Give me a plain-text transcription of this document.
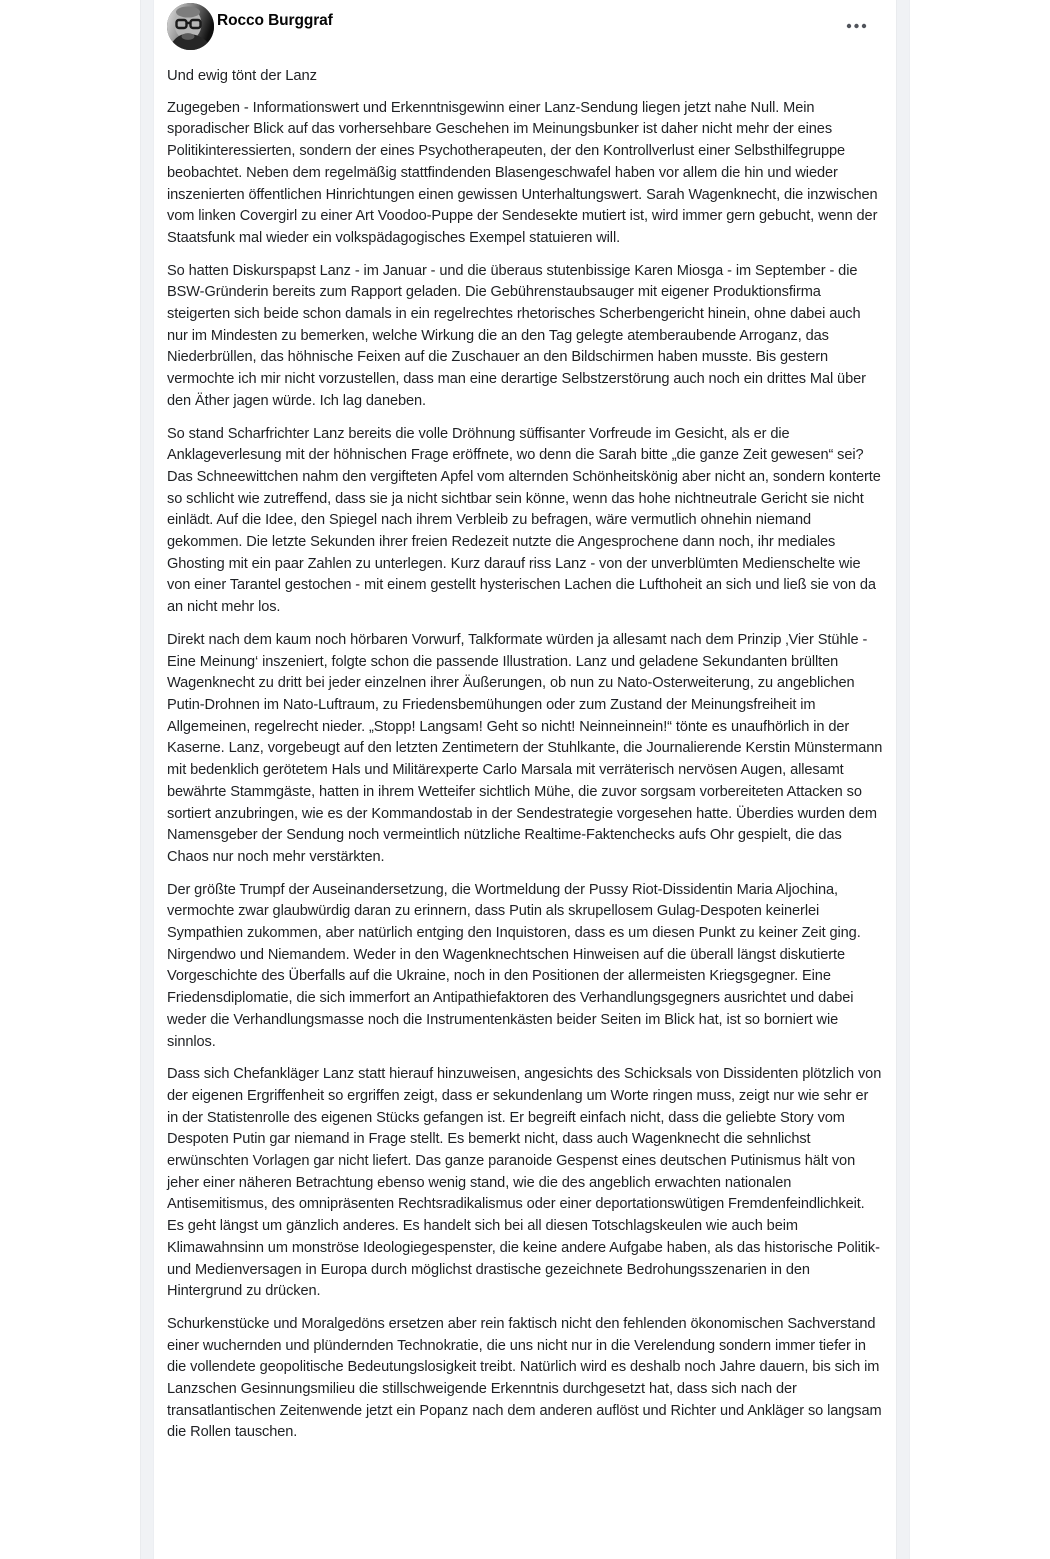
Rocco Burggraf
Und ewig tönt der Lanz

Zugegeben - Informationswert und Erkenntnisgewinn einer Lanz-Sendung liegen jetzt nahe Null. Mein sporadischer Blick auf das vorhersehbare Geschehen im Meinungsbunker ist daher nicht mehr der eines Politikinteressierten, sondern der eines Psychotherapeuten, der den Kontrollverlust einer Selbsthilfegruppe beobachtet. Neben dem regelmäßig stattfindenden Blasengeschwafel haben vor allem die hin und wieder inszenierten öffentlichen Hinrichtungen einen gewissen Unterhaltungswert. Sarah Wagenknecht, die inzwischen vom linken Covergirl zu einer Art Voodoo-Puppe der Sendesekte mutiert ist, wird immer gern gebucht, wenn der Staatsfunk mal wieder ein volkspädagogisches Exempel statuieren will.

So hatten Diskurspapst Lanz - im Januar - und die überaus stutenbissige Karen Miosga - im September - die BSW-Gründerin bereits zum Rapport geladen. Die Gebührenstaubsauger mit eigener Produktionsfirma steigerten sich beide schon damals in ein regelrechtes rhetorisches Scherbengericht hinein, ohne dabei auch nur im Mindesten zu bemerken, welche Wirkung die an den Tag gelegte atemberaubende Arroganz, das Niederbrüllen, das höhnische Feixen auf die Zuschauer an den Bildschirmen haben musste. Bis gestern vermochte ich mir nicht vorzustellen, dass man eine derartige Selbstzerstörung auch noch ein drittes Mal über den Äther jagen würde. Ich lag daneben.

So stand Scharfrichter Lanz bereits die volle Dröhnung süffisanter Vorfreude im Gesicht, als er die Anklageverlesung mit der höhnischen Frage eröffnete, wo denn die Sarah bitte „die ganze Zeit gewesen“ sei? Das Schneewittchen nahm den vergifteten Apfel vom alternden Schönheitskönig aber nicht an, sondern konterte so schlicht wie zutreffend, dass sie ja nicht sichtbar sein könne, wenn das hohe nichtneutrale Gericht sie nicht einlädt. Auf die Idee, den Spiegel nach ihrem Verbleib zu befragen, wäre vermutlich ohnehin niemand gekommen. Die letzte Sekunden ihrer freien Redezeit nutzte die Angesprochene dann noch, ihr mediales Ghosting mit ein paar Zahlen zu unterlegen. Kurz darauf riss Lanz - von der unverblümten Medienschelte wie von einer Tarantel gestochen - mit einem gestellt hysterischen Lachen die Lufthoheit an sich und ließ sie von da an nicht mehr los.

Direkt nach dem kaum noch hörbaren Vorwurf, Talkformate würden ja allesamt nach dem Prinzip ‚Vier Stühle - Eine Meinung‘ inszeniert, folgte schon die passende Illustration. Lanz und geladene Sekundanten brüllten Wagenknecht zu dritt bei jeder einzelnen ihrer Äußerungen, ob nun zu Nato-Osterweiterung, zu angeblichen Putin-Drohnen im Nato-Luftraum, zu Friedensbemühungen oder zum Zustand der Meinungsfreiheit im Allgemeinen, regelrecht nieder. „Stopp! Langsam! Geht so nicht! Neinneinnein!“ tönte es unaufhörlich in der Kaserne. Lanz, vorgebeugt auf den letzten Zentimetern der Stuhlkante, die Journalierende Kerstin Münstermann mit bedenklich gerötetem Hals und Militärexperte Carlo Marsala mit verräterisch nervösen Augen, allesamt bewährte Stammgäste, hatten in ihrem Wetteifer sichtlich Mühe, die zuvor sorgsam vorbereiteten Attacken so sortiert anzubringen, wie es der Kommandostab in der Sendestrategie vorgesehen hatte. Überdies wurden dem Namensgeber der Sendung noch vermeintlich nützliche Realtime-Faktenchecks aufs Ohr gespielt, die das Chaos nur noch mehr verstärkten.

Der größte Trumpf der Auseinandersetzung, die Wortmeldung der Pussy Riot-Dissidentin Maria Aljochina, vermochte zwar glaubwürdig daran zu erinnern, dass Putin als skrupellosem Gulag-Despoten keinerlei Sympathien zukommen, aber natürlich entging den Inquistoren, dass es um diesen Punkt zu keiner Zeit ging. Nirgendwo und Niemandem. Weder in den Wagenknechtschen Hinweisen auf die überall längst diskutierte Vorgeschichte des Überfalls auf die Ukraine, noch in den Positionen der allermeisten Kriegsgegner. Eine Friedensdiplomatie, die sich immerfort an Antipathiefaktoren des Verhandlungsgegners ausrichtet und dabei weder die Verhandlungsmasse noch die Instrumentenkästen beider Seiten im Blick hat, ist so borniert wie sinnlos.

Dass sich Chefankläger Lanz statt hierauf hinzuweisen, angesichts des Schicksals von Dissidenten plötzlich von der eigenen Ergriffenheit so ergriffen zeigt, dass er sekundenlang um Worte ringen muss, zeigt nur wie sehr er in der Statistenrolle des eigenen Stücks gefangen ist. Er begreift einfach nicht, dass die geliebte Story vom Despoten Putin gar niemand in Frage stellt. Es bemerkt nicht, dass auch Wagenknecht die sehnlichst erwünschten Vorlagen gar nicht liefert. Das ganze paranoide Gespenst eines deutschen Putinismus hält von jeher einer näheren Betrachtung ebenso wenig stand, wie die des angeblich erwachten nationalen Antisemitismus, des omnipräsenten Rechtsradikalismus oder einer deportationswütigen Fremdenfeindlichkeit. Es geht längst um gänzlich anderes. Es handelt sich bei all diesen Totschlagskeulen wie auch beim Klimawahnsinn um monströse Ideologiegespenster, die keine andere Aufgabe haben, als das historische Politik- und Medienversagen in Europa durch möglichst drastische gezeichnete Bedrohungsszenarien in den Hintergrund zu drücken.

Schurkenstücke und Moralgedöns ersetzen aber rein faktisch nicht den fehlenden ökonomischen Sachverstand einer wuchernden und plündernden Technokratie, die uns nicht nur in die Verelendung sondern immer tiefer in die vollendete geopolitische Bedeutungslosigkeit treibt. Natürlich wird es deshalb noch Jahre dauern, bis sich im Lanzschen Gesinnungsmilieu die stillschweigende Erkenntnis durchgesetzt hat, dass sich nach der transatlantischen Zeitenwende jetzt ein Popanz nach dem anderen auflöst und Richter und Ankläger so langsam die Rollen tauschen.
